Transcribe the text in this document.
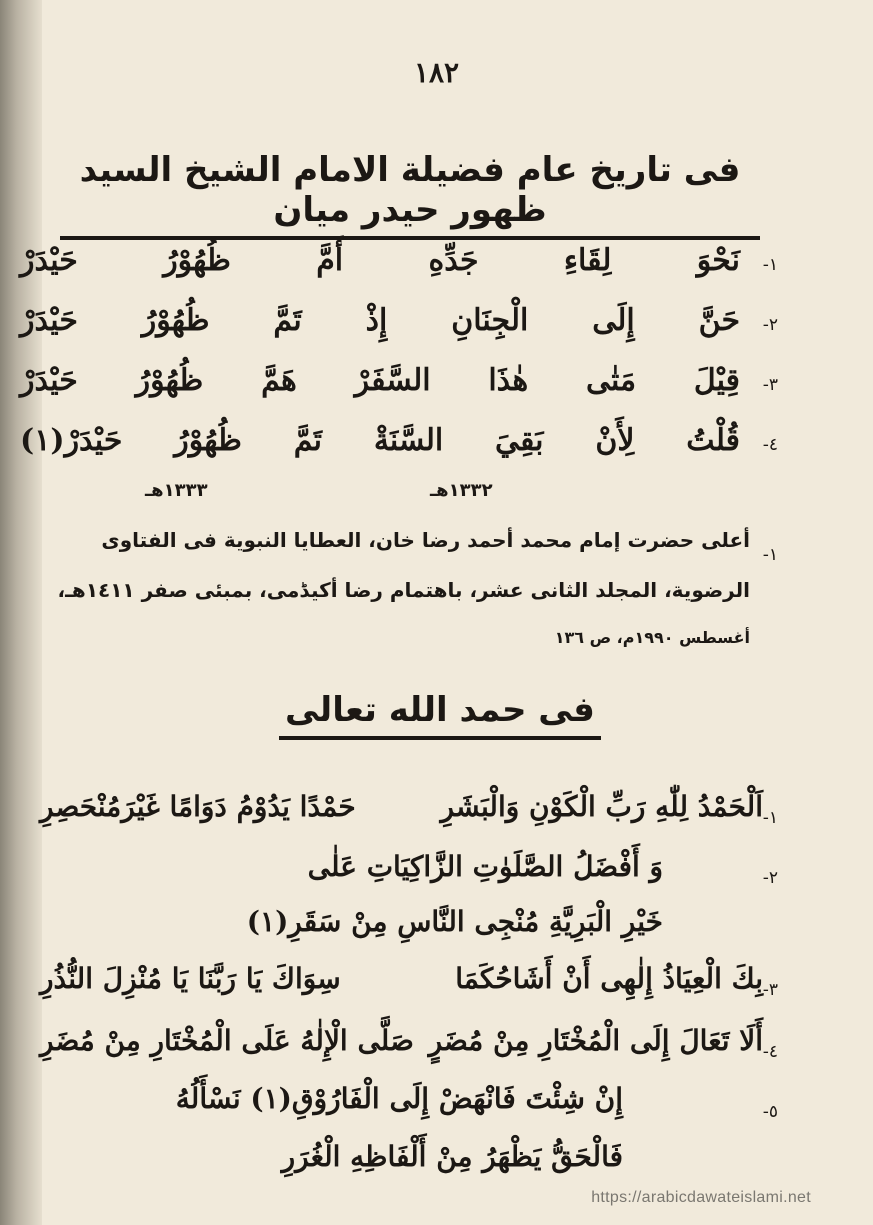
١٨٢
فى تاريخ عام فضيلة الامام الشيخ السيد ظهور حيدر ميان
-١
نَحْوَ
لِقَاءِ
جَدِّهِ
أَمَّ
ظُهُوْرُ
حَيْدَرْ
-٢
حَنَّ
إِلَى
الْجِنَانِ
إِذْ
تَمَّ
ظُهُوْرُ
حَيْدَرْ
-٣
قِيْلَ
مَتٰى
هٰذَا
السَّفَرْ
هَمَّ
ظُهُوْرُ
حَيْدَرْ
-٤
قُلْتُ
لِأَنْ
بَقِيَ
السَّنَةْ
تَمَّ
ظُهُوْرُ
حَيْدَرْ(١)
١٣٣٢هـ
١٣٣٣هـ
-١
أعلى حضرت إمام محمد أحمد رضا خان، العطايا النبوية فى الفتاوى
الرضوية، المجلد الثانى عشر، باهتمام رضا أكيڈمى، بمبئى صفر ١٤١١هـ،
أغسطس ١٩٩٠م، ص ١٣٦
فى حمد الله تعالى
-١
اَلْحَمْدُ لِلّٰهِ رَبِّ الْكَوْنِ وَالْبَشَرِ
حَمْدًا يَدُوْمُ دَوَامًا غَيْرَمُنْحَصِرِ
-٢
وَ أَفْضَلُ الصَّلَوٰتِ الزَّاكِيَاتِ عَلٰى
خَيْرِ الْبَرِيَّةِ مُنْجِى النَّاسِ مِنْ سَقَرِ(١)
-٣
بِكَ الْعِيَاذُ إِلٰهِى أَنْ أَشَاحُكَمَا
سِوَاكَ يَا رَبَّنَا يَا مُنْزِلَ النُّذُرِ
-٤
أَلَا تَعَالَ إِلَى الْمُخْتَارِ مِنْ مُضَرٍ
صَلَّى الْإِلٰهُ عَلَى الْمُخْتَارِ مِنْ مُضَرِ
-٥
إِنْ شِئْتَ فَانْهَضْ إِلَى الْفَارُوْقِ(١) نَسْأَلُهُ
فَالْحَقُّ يَظْهَرُ مِنْ أَلْفَاظِهِ الْغُرَرِ
https://arabicdawateislami.net
